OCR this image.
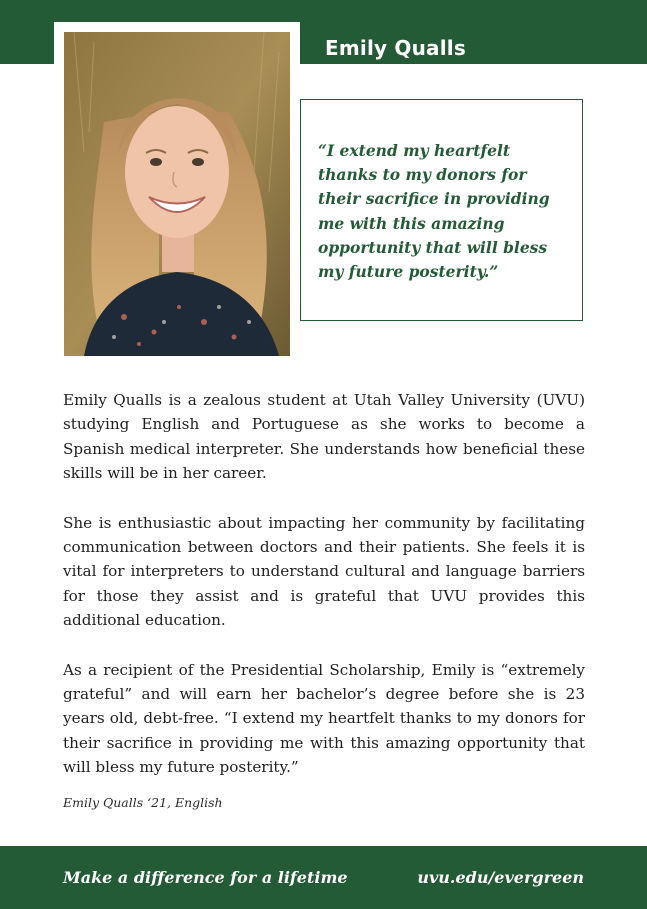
Emily Qualls

“I extend my heartfelt
thanks to my donors for
their sacrifice in providing
me with this amazing
opportunity that will bless
my future posterity.”

Emily Qualls is a zealous student at Utah Valley University (UVU) studying English and Portuguese as she works to become a Spanish medical interpreter. She understands how beneficial these skills will be in her career.

She is enthusiastic about impacting her community by facilitating communication between doctors and their patients. She feels it is vital for interpreters to understand cultural and language barriers for those they assist and is grateful that UVU provides this additional education.

As a recipient of the Presidential Scholarship, Emily is “extremely grateful” and will earn her bachelor’s degree before she is 23 years old, debt-free. “I extend my heartfelt thanks to my donors for their sacrifice in providing me with this amazing opportunity that will bless my future posterity.”

Emily Qualls ‘21, English

Make a difference for a lifetime	uvu.edu/evergreen
